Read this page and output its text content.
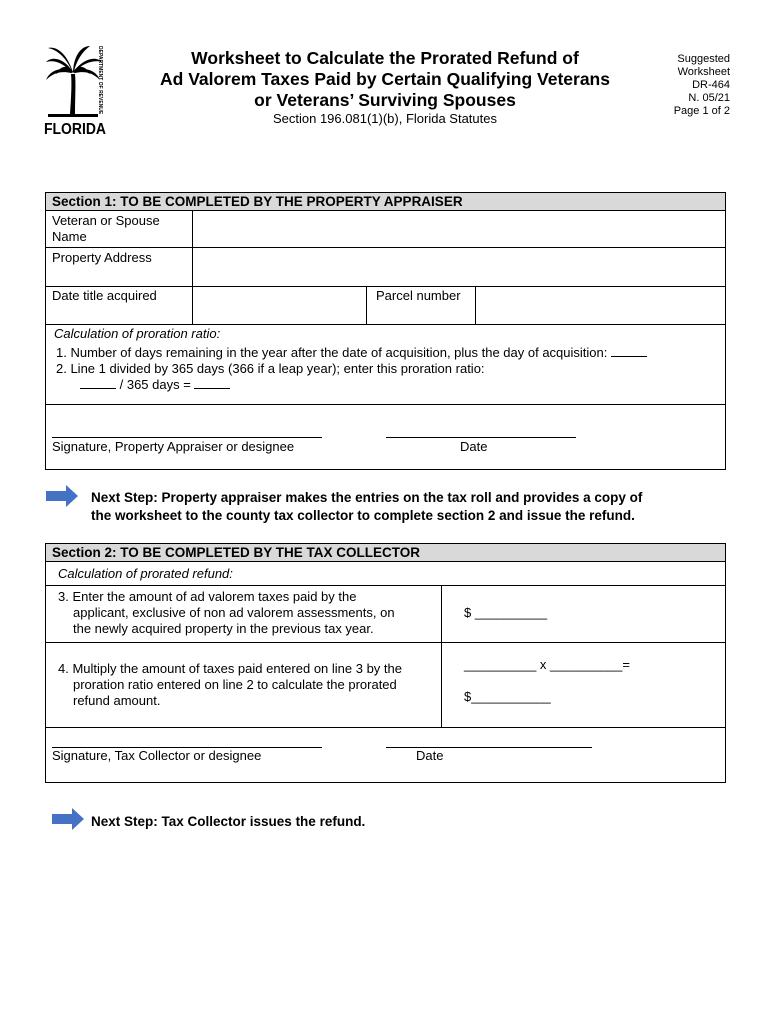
DEPARTMENT OF REVENUE
FLORIDA
Worksheet to Calculate the Prorated Refund of
Ad Valorem Taxes Paid by Certain Qualifying Veterans
or Veterans’ Surviving Spouses
Section 196.081(1)(b), Florida Statutes
Suggested
Worksheet
DR-464
N. 05/21
Page 1 of 2
Section 1: TO BE COMPLETED BY THE PROPERTY APPRAISER
Veteran or Spouse
Name
Property Address
Date title acquired	Parcel number
Calculation of proration ratio:
1. Number of days remaining in the year after the date of acquisition, plus the day of acquisition:
2. Line 1 divided by 365 days (366 if a leap year); enter this proration ratio:
/ 365 days =
Signature, Property Appraiser or designee	Date
Next Step: Property appraiser makes the entries on the tax roll and provides a copy of
the worksheet to the county tax collector to complete section 2 and issue the refund.
Section 2: TO BE COMPLETED BY THE TAX COLLECTOR
Calculation of prorated refund:
3. Enter the amount of ad valorem taxes paid by the
applicant, exclusive of non ad valorem assessments, on
the newly acquired property in the previous tax year.
$ __________
4. Multiply the amount of taxes paid entered on line 3 by the
proration ratio entered on line 2 to calculate the prorated
refund amount.
__________ x __________=
$___________
Signature, Tax Collector or designee	Date
Next Step: Tax Collector issues the refund.
